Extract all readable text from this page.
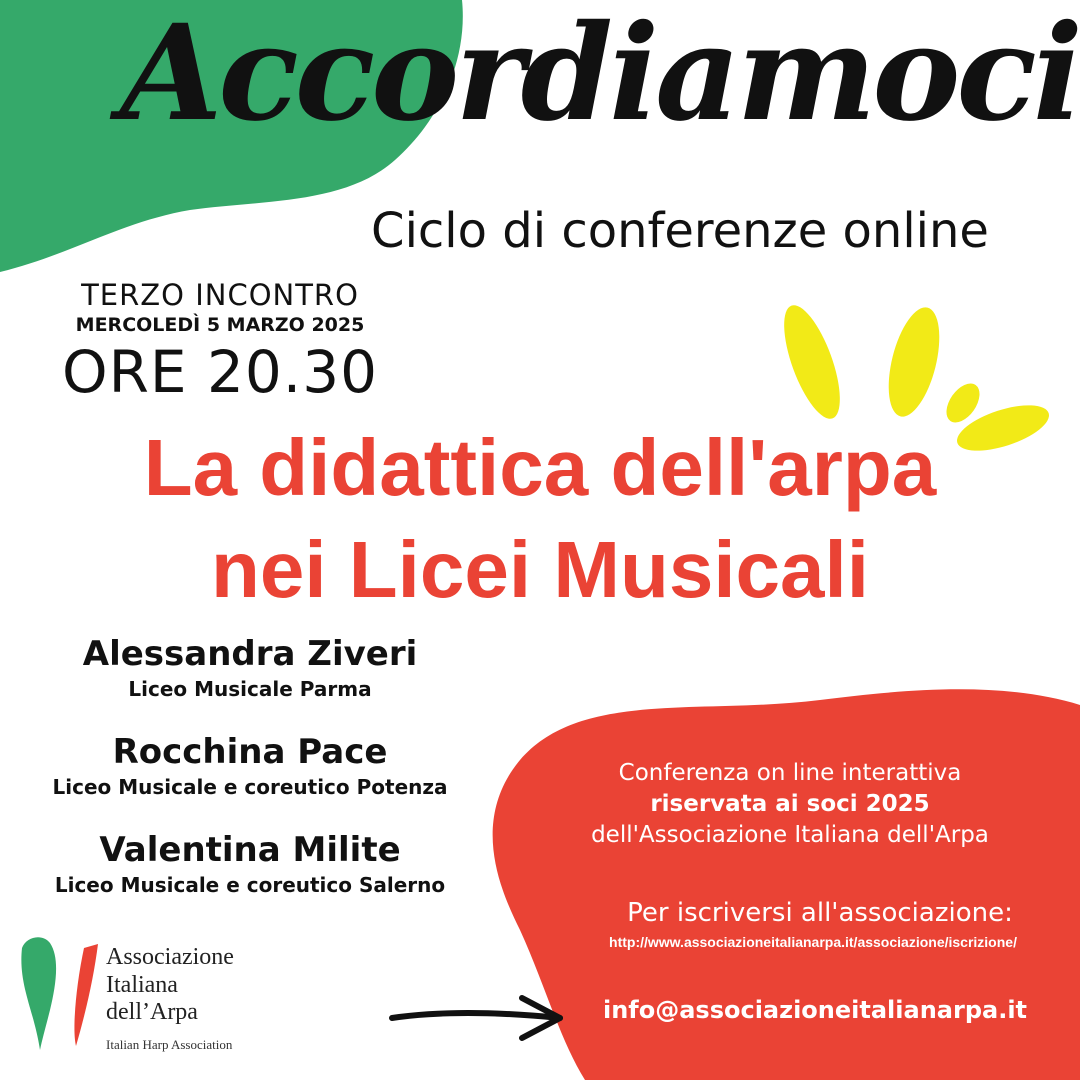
Accordiamoci
Ciclo di conferenze online
TERZO INCONTRO
MERCOLEDÌ 5 MARZO 2025
ORE 20.30
La didattica dell'arpa
nei Licei Musicali
Alessandra Ziveri
Liceo Musicale Parma
Rocchina Pace
Liceo Musicale e coreutico Potenza
Valentina Milite
Liceo Musicale e coreutico Salerno
Conferenza on line interattiva
riservata ai soci 2025
dell'Associazione Italiana dell'Arpa
Per iscriversi all'associazione:
http://www.associazioneitalianarpa.it/associazione/iscrizione/
info@associazioneitalianarpa.it
Associazione
Italiana
dell’Arpa
Italian Harp Association
